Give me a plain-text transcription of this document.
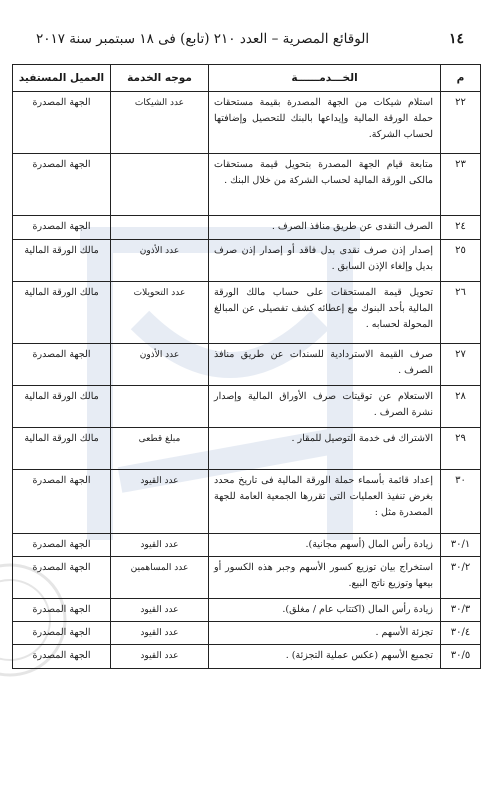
١٤
الوقائع المصرية – العدد ٢١٠ (تابع) فى ١٨ سبتمبر سنة ٢٠١٧
م	الخـــدمــــــة	موجه الخدمة	العميل المستفيد
٢٢	استلام شيكات من الجهة المصدرة بقيمة مستحقات حملة الورقة المالية وإيداعها بالبنك للتحصيل وإضافتها لحساب الشركة.	عدد الشيكات	الجهة المصدرة
٢٣	متابعة قيام الجهة المصدرة بتحويل قيمة مستحقات مالكى الورقة المالية لحساب الشركة من خلال البنك .		الجهة المصدرة
٢٤	الصرف النقدى عن طريق منافذ الصرف .		الجهة المصدرة
٢٥	إصدار إذن صرف نقدى بدل فاقد أو إصدار إذن صرف بديل وإلغاء الإذن السابق .	عدد الأذون	مالك الورقة المالية
٢٦	تحويل قيمة المستحقات على حساب مالك الورقة المالية بأحد البنوك مع إعطائه كشف تفصيلى عن المبالغ المحولة لحسابه .	عدد التحويلات	مالك الورقة المالية
٢٧	صرف القيمة الاستردادية للسندات عن طريق منافذ الصرف .	عدد الأذون	الجهة المصدرة
٢٨	الاستعلام عن توقيتات صرف الأوراق المالية وإصدار نشرة الصرف .		مالك الورقة المالية
٢٩	الاشتراك فى خدمة التوصيل للمقار .	مبلغ قطعى	مالك الورقة المالية
٣٠	إعداد قائمة بأسماء حملة الورقة المالية فى تاريخ محدد بغرض تنفيذ العمليات التى تقررها الجمعية العامة للجهة المصدرة مثل :	عدد القيود	الجهة المصدرة
٣٠/١	زيادة رأس المال (أسهم مجانية).	عدد القيود	الجهة المصدرة
٣٠/٢	استخراج بيان توزيع كسور الأسهم وجبر هذه الكسور أو بيعها وتوزيع ناتج البيع.	عدد المساهمين	الجهة المصدرة
٣٠/٣	زيادة رأس المال (اكتتاب عام / مغلق).	عدد القيود	الجهة المصدرة
٣٠/٤	تجزئة الأسهم .	عدد القيود	الجهة المصدرة
٣٠/٥	تجميع الأسهم (عكس عملية التجزئة) .	عدد القيود	الجهة المصدرة
